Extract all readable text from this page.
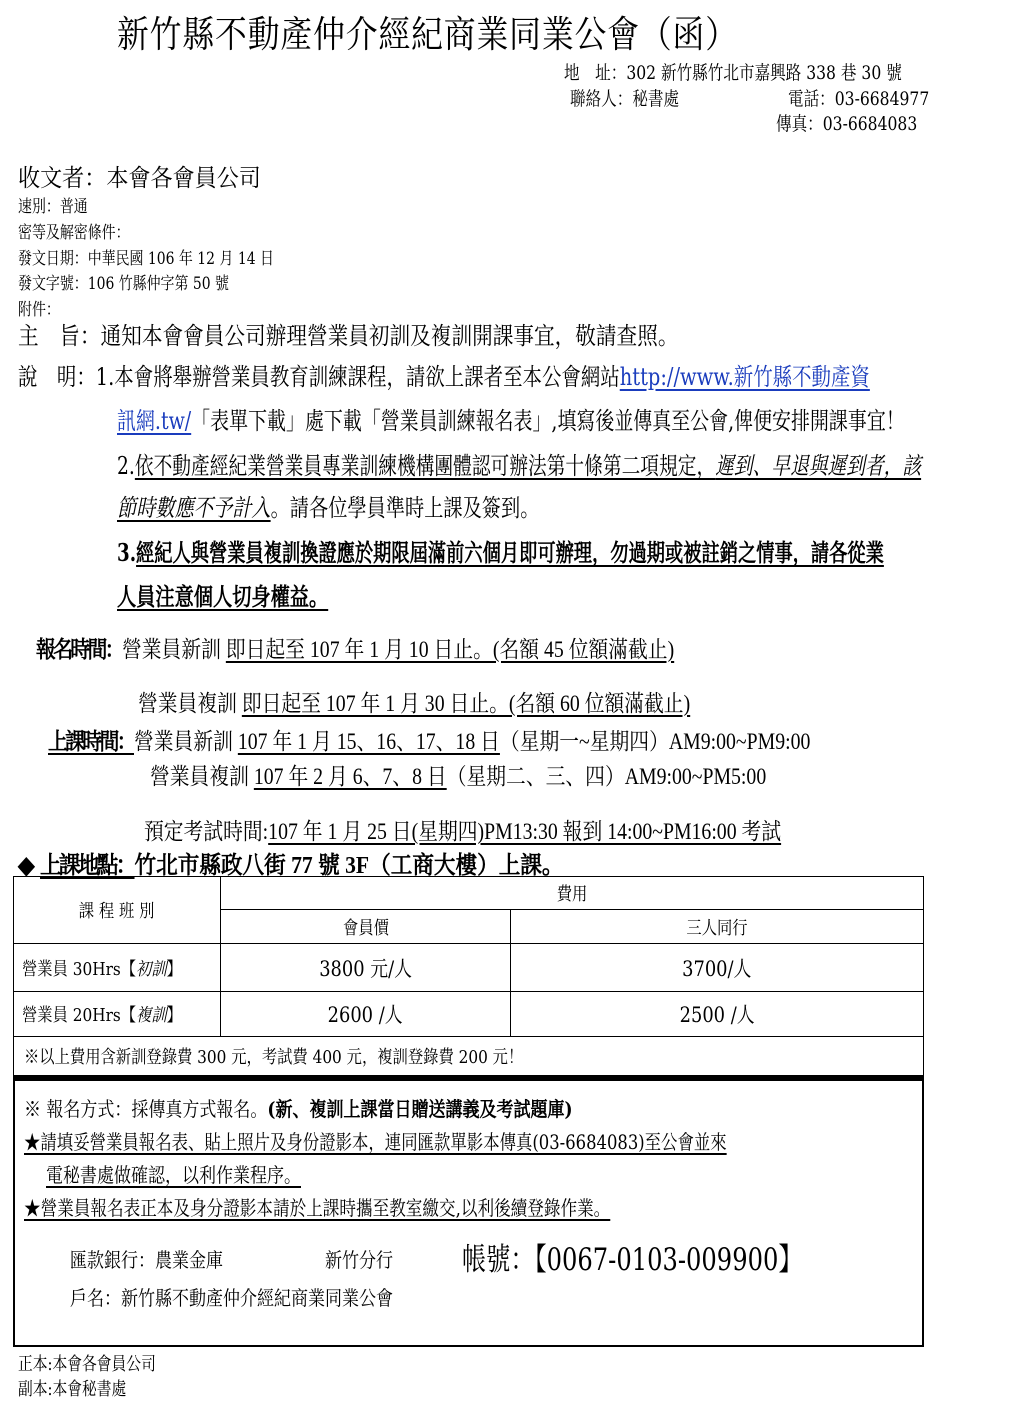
新竹縣不動產仲介經紀商業同業公會（函）
地　址：302 新竹縣竹北市嘉興路 338 巷 30 號
聯絡人：秘書處	電話：03-6684977
傳真：03-6684083
收文者：本會各會員公司
速別：普通
密等及解密條件：
發文日期：中華民國 106 年 12 月 14 日
發文字號：106 竹縣仲字第 50 號
附件：
主　旨：通知本會會員公司辦理營業員初訓及複訓開課事宜，敬請查照。
說　明：1.本會將舉辦營業員教育訓練課程，請欲上課者至本公會網站http://www.新竹縣不動產資
訊網.tw/「表單下載」處下載「營業員訓練報名表」,填寫後並傳真至公會,俾便安排開課事宜！
2.依不動產經紀業營業員專業訓練機構團體認可辦法第十條第二項規定，遲到、早退與遲到者，該
節時數應不予計入。請各位學員準時上課及簽到。
3.經紀人與營業員複訓換證應於期限屆滿前六個月即可辦理，勿過期或被註銷之情事，請各從業
人員注意個人切身權益。
報名時間：營業員新訓 即日起至 107 年 1 月 10 日止。(名額 45 位額滿截止)
營業員複訓 即日起至 107 年 1 月 30 日止。(名額 60 位額滿截止)
上課時間：營業員新訓 107 年 1 月 15、16、17、18 日（星期一~星期四）AM9:00~PM9:00
營業員複訓 107 年 2 月 6、7、8 日（星期二、三、四）AM9:00~PM5:00
預定考試時間:107 年 1 月 25 日(星期四)PM13:30 報到 14:00~PM16:00 考試
◆ 上課地點：竹北市縣政八街 77 號 3F（工商大樓）上課。
課 程 班 別	費用	
	會員價	三人同行
營業員 30Hrs【初訓】	3800 元/人	3700/人
營業員 20Hrs【複訓】	2600 /人	2500 /人
※以上費用含新訓登錄費 300 元，考試費 400 元，複訓登錄費 200 元！		
※ 報名方式：採傳真方式報名。(新、複訓上課當日贈送講義及考試題庫)
★請填妥營業員報名表、貼上照片及身份證影本，連同匯款單影本傳真(03-6684083)至公會並來
電秘書處做確認，以利作業程序。
★營業員報名表正本及身分證影本請於上課時攜至教室繳交,以利後續登錄作業。
匯款銀行：農業金庫	新竹分行	帳號：【0067-0103-009900】
戶名：新竹縣不動產仲介經紀商業同業公會
正本:本會各會員公司
副本:本會秘書處
